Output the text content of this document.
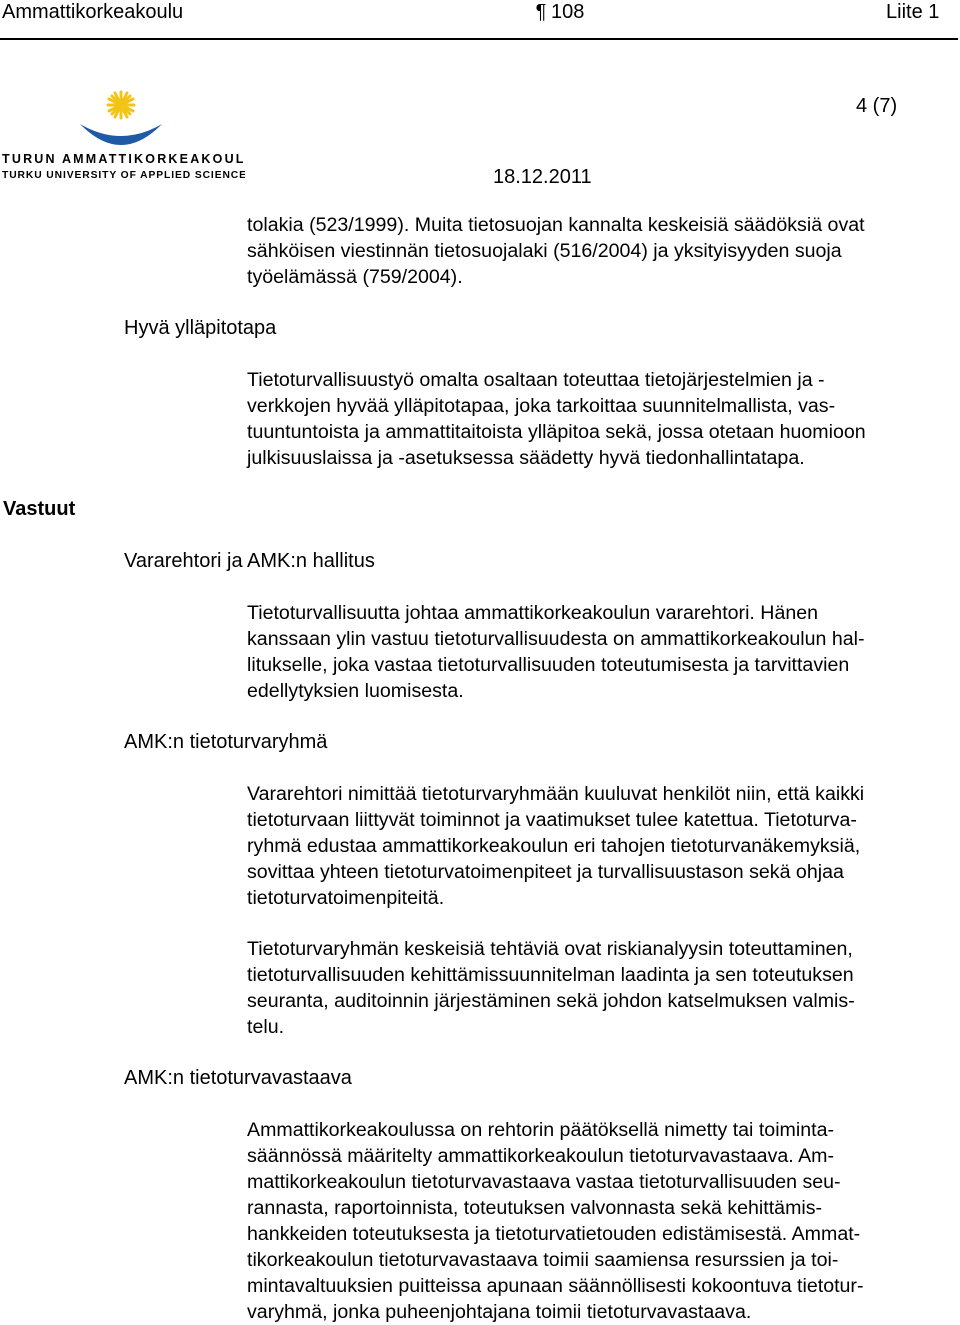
Ammattikorkeakoulu	¶ 108	Liite 1
TURUN AMMATTIKORKEAKOULU
TURKU UNIVERSITY OF APPLIED SCIENCES
4 (7)
18.12.2011
tolakia (523/1999). Muita tietosuojan kannalta keskeisiä säädöksiä ovat
sähköisen viestinnän tietosuojalaki (516/2004) ja yksityisyyden suoja
työelämässä (759/2004).
Hyvä ylläpitotapa
Tietoturvallisuustyö omalta osaltaan toteuttaa tietojärjestelmien ja -
verkkojen hyvää ylläpitotapaa, joka tarkoittaa suunnitelmallista, vas-
tuuntuntoista ja ammattitaitoista ylläpitoa sekä, jossa otetaan huomioon
julkisuuslaissa ja -asetuksessa säädetty hyvä tiedonhallintatapa.
Vastuut
Vararehtori ja AMK:n hallitus
Tietoturvallisuutta johtaa ammattikorkeakoulun vararehtori. Hänen
kanssaan ylin vastuu tietoturvallisuudesta on ammattikorkeakoulun hal-
litukselle, joka vastaa tietoturvallisuuden toteutumisesta ja tarvittavien
edellytyksien luomisesta.
AMK:n tietoturvaryhmä
Vararehtori nimittää tietoturvaryhmään kuuluvat henkilöt niin, että kaikki
tietoturvaan liittyvät toiminnot ja vaatimukset tulee katettua. Tietoturva-
ryhmä edustaa ammattikorkeakoulun eri tahojen tietoturvanäkemyksiä,
sovittaa yhteen tietoturvatoimenpiteet ja turvallisuustason sekä ohjaa
tietoturvatoimenpiteitä.
Tietoturvaryhmän keskeisiä tehtäviä ovat riskianalyysin toteuttaminen,
tietoturvallisuuden kehittämissuunnitelman laadinta ja sen toteutuksen
seuranta, auditoinnin järjestäminen sekä johdon katselmuksen valmis-
telu.
AMK:n tietoturvavastaava
Ammattikorkeakoulussa on rehtorin päätöksellä nimetty tai toiminta-
säännössä määritelty ammattikorkeakoulun tietoturvavastaava. Am-
mattikorkeakoulun tietoturvavastaava vastaa tietoturvallisuuden seu-
rannasta, raportoinnista, toteutuksen valvonnasta sekä kehittämis-
hankkeiden toteutuksesta ja tietoturvatietouden edistämisestä. Ammat-
tikorkeakoulun tietoturvavastaava toimii saamiensa resurssien ja toi-
mintavaltuuksien puitteissa apunaan säännöllisesti kokoontuva tietotur-
varyhmä, jonka puheenjohtajana toimii tietoturvavastaava.
